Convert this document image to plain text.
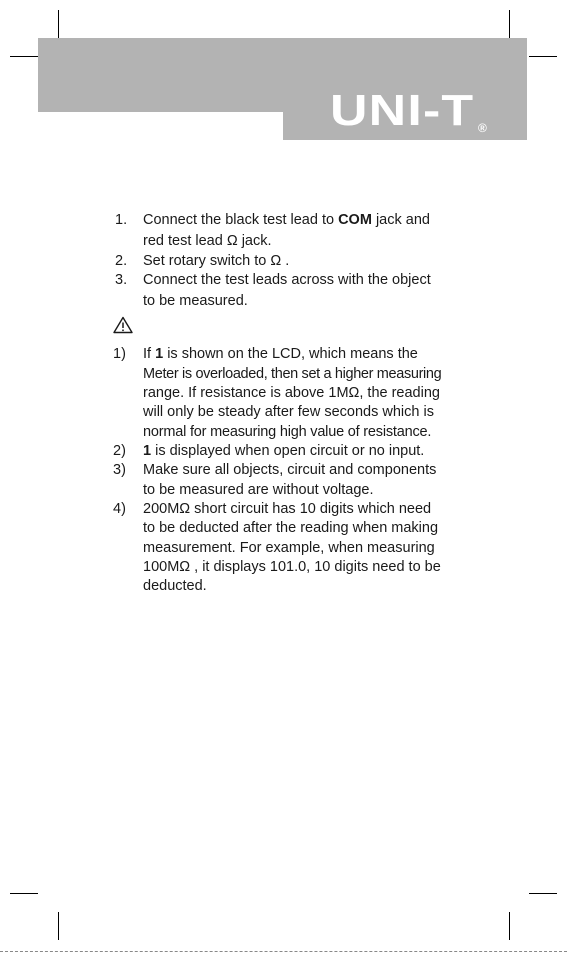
UNI-T ®
1. Connect the black test lead to COM jack and
red test lead Ω jack.
2. Set rotary switch to Ω .
3. Connect the test leads across with the object
to be measured.
1) If 1 is shown on the LCD, which means the
Meter is overloaded, then set a higher measuring
range. If resistance is above 1MΩ, the reading
will only be steady after few seconds which is
normal for measuring high value of resistance.
2) 1 is displayed when open circuit or no input.
3) Make sure all objects, circuit and components
to be measured are without voltage.
4) 200MΩ short circuit has 10 digits which need
to be deducted after the reading when making
measurement. For example, when measuring
100MΩ , it displays 101.0, 10 digits need to be
deducted.
